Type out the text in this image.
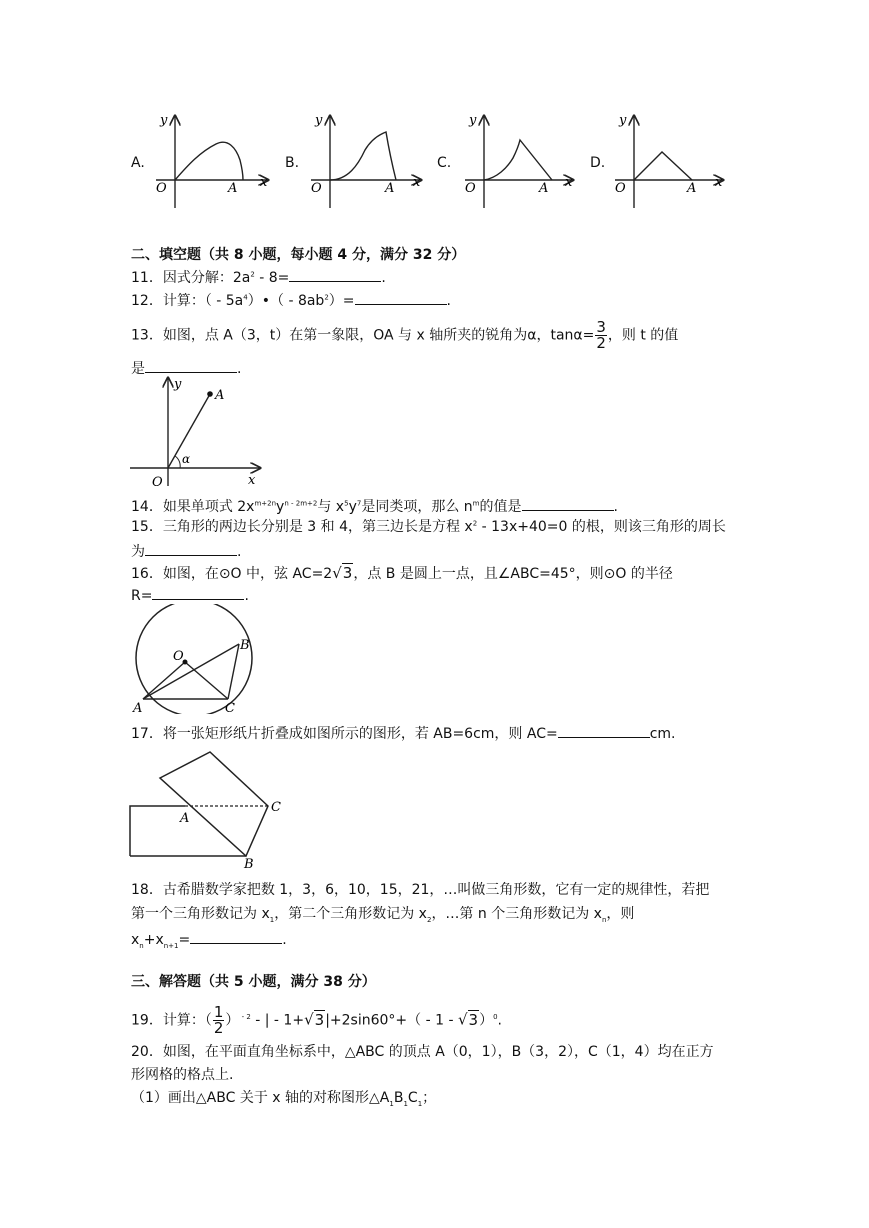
A.
y
x
O	A
B.
y
x
O	A
C.
y
x
O	A
D.
y
x
O	A
二、填空题（共 8 小题，每小题 4 分，满分 32 分）
11．因式分解：$2a^2 - 8=$	.
12．计算：（ - $5a^4)•( - 8ab^2)=$	.
13．如图，点 A（3，t）在第一象限，OA 与 x 轴所夹的锐角为α，$\tan\alpha= \frac{3}{2}$ ，则 t 的值
是	.
y
A
α
O	x
14．如果单项式 $2x^{m+2n}y^{n - 2m+2}$与 $x^5y^7$是同类项，那么 $n^m$的值是	.
15．三角形的两边长分别是 3 和 4，第三边长是方程 $x^2 - 13x+40=0$ 的根，则该三角形的周长
为	.
16．如图，在⊙O 中，弦 AC=2√3，点 B 是圆上一点，且∠ABC=45°，则⊙O 的半径
R=	.
O
A
B
C
17．将一张矩形纸片折叠成如图所示的图形，若 AB=6cm，则 AC=	cm.
A
B
C
18．古希腊数学家把数 1，3，6，10，15，21，…叫做三角形数，它有一定的规律性，若把
第一个三角形数记为 $x_1$，第二个三角形数记为 $x_2$，…第 n 个三角形数记为 $x_n$，则
$x_n+x_{n+1}=$	.
三、解答题（共 5 小题，满分 38 分）
19．计算：（ $\frac{1}{2}$ ） $^{- 2}$ - | - 1+√3|+2sin60°+（ - 1 - √3）$^0$.
20．如图，在平面直角坐标系中，△ABC 的顶点 A（0，1），B（3，2），C（1，4）均在正方
形网格的格点上.
（1）画出△ABC 关于 x 轴的对称图形$\triangle A_1B_1C_1$；
